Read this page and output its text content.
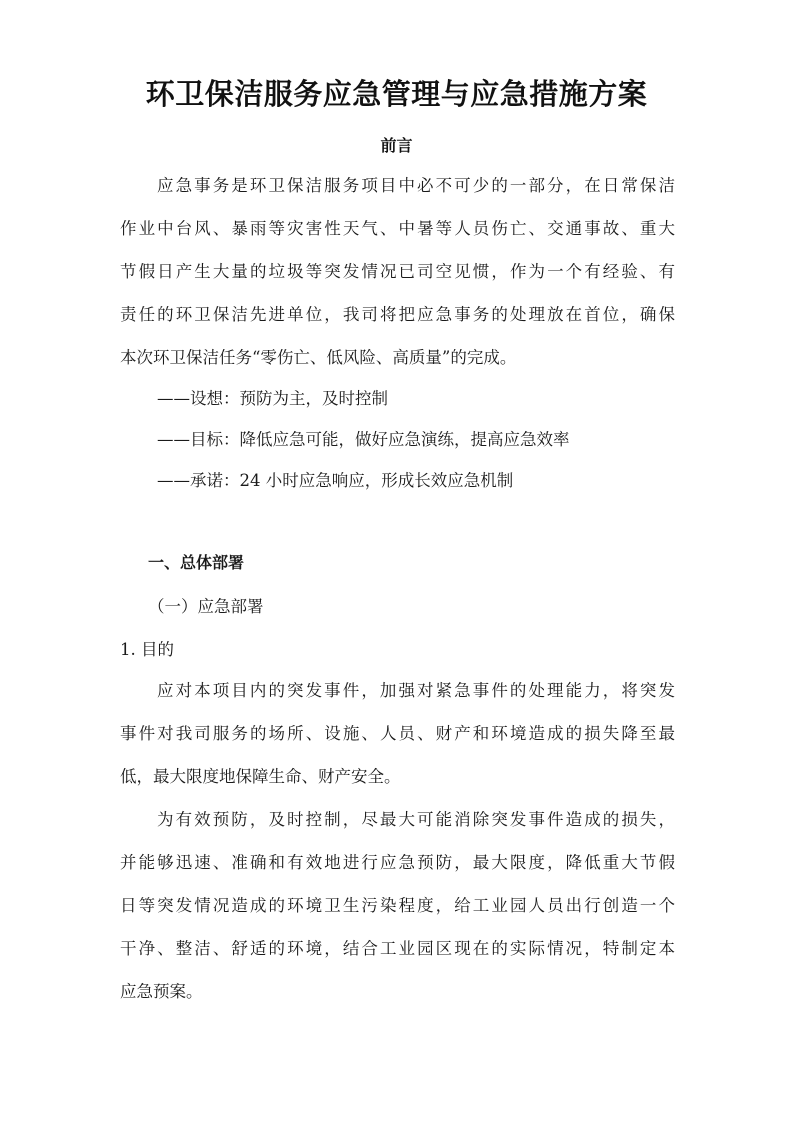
环卫保洁服务应急管理与应急措施方案
前言
应急事务是环卫保洁服务项目中必不可少的一部分，在日常保洁
作业中台风、暴雨等灾害性天气、中暑等人员伤亡、交通事故、重大
节假日产生大量的垃圾等突发情况已司空见惯，作为一个有经验、有
责任的环卫保洁先进单位，我司将把应急事务的处理放在首位，确保
本次环卫保洁任务“零伤亡、低风险、高质量”的完成。
——设想：预防为主，及时控制
——目标：降低应急可能，做好应急演练，提高应急效率
——承诺：24 小时应急响应，形成长效应急机制
一、总体部署
（一）应急部署
1. 目的
应对本项目内的突发事件，加强对紧急事件的处理能力，将突发
事件对我司服务的场所、设施、人员、财产和环境造成的损失降至最
低，最大限度地保障生命、财产安全。
为有效预防，及时控制，尽最大可能消除突发事件造成的损失，
并能够迅速、准确和有效地进行应急预防，最大限度，降低重大节假
日等突发情况造成的环境卫生污染程度，给工业园人员出行创造一个
干净、整洁、舒适的环境，结合工业园区现在的实际情况，特制定本
应急预案。
